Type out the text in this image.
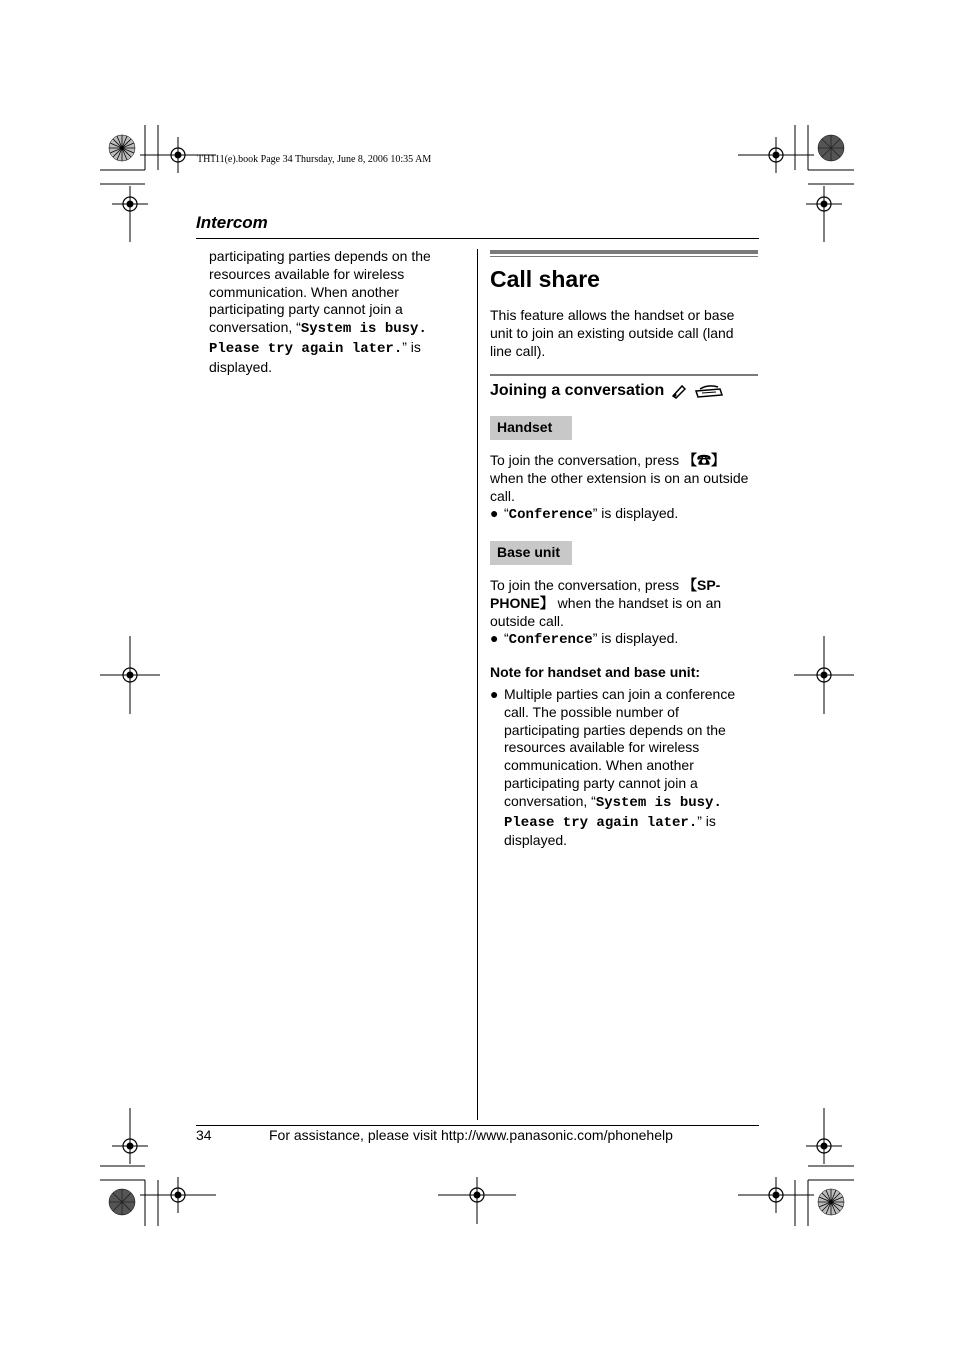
TH111(e).book Page 34 Thursday, June 8, 2006 10:35 AM
Intercom
participating parties depends on the resources available for wireless communication. When another participating party cannot join a conversation, “System is busy. Please try again later.” is displayed.
Call share
This feature allows the handset or base unit to join an existing outside call (land line call).
Joining a conversation
Handset
To join the conversation, press 【☎】 when the other extension is on an outside call.
● “Conference” is displayed.
Base unit
To join the conversation, press 【SP-PHONE】 when the handset is on an outside call.
● “Conference” is displayed.
Note for handset and base unit:
● Multiple parties can join a conference call. The possible number of participating parties depends on the resources available for wireless communication. When another participating party cannot join a conversation, “System is busy. Please try again later.” is displayed.
34	For assistance, please visit http://www.panasonic.com/phonehelp
